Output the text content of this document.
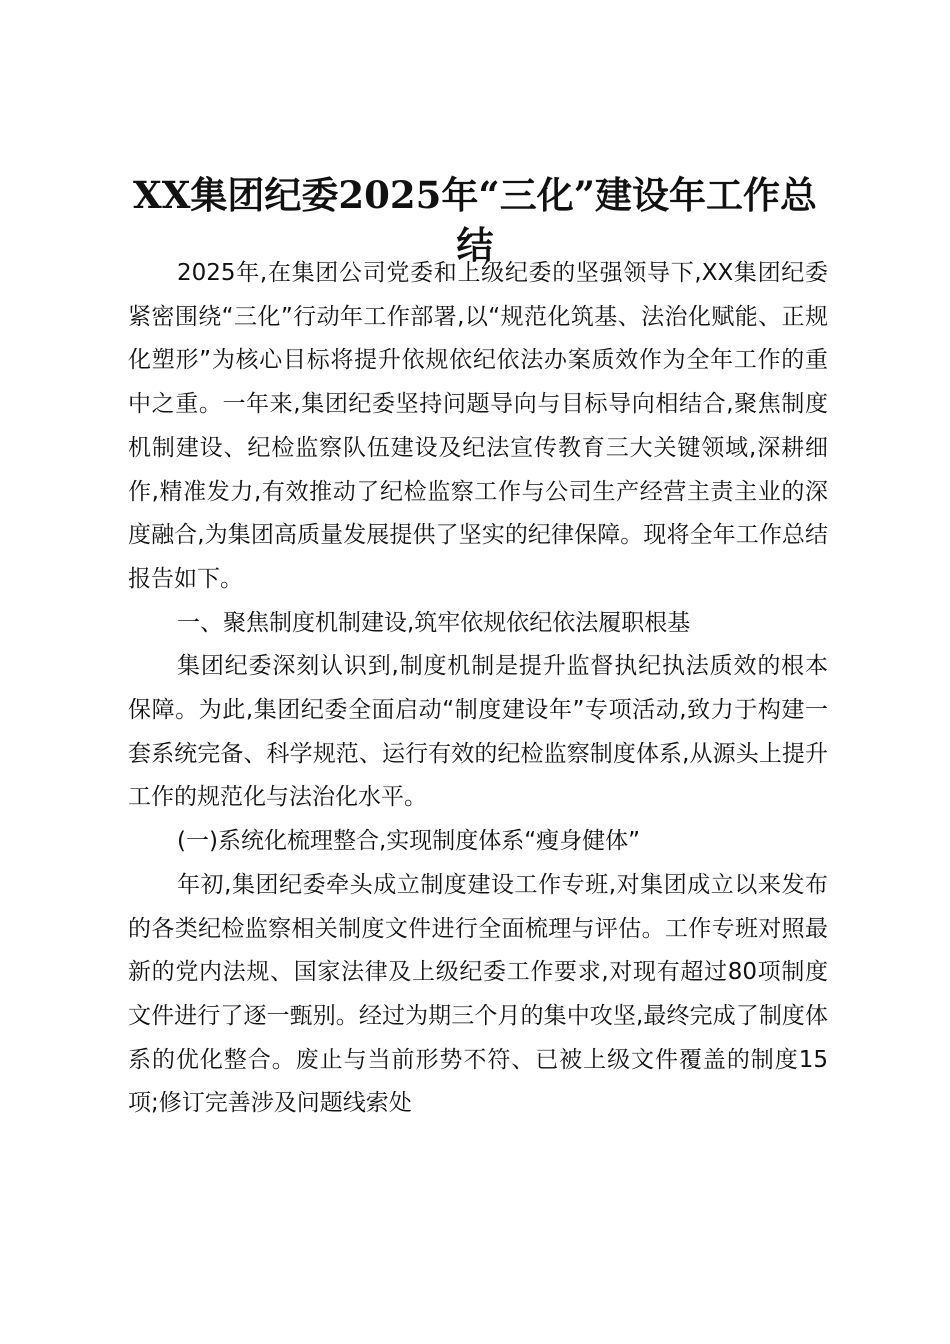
XX集团纪委2025年“三化”建设年工作总结

2025年,在集团公司党委和上级纪委的坚强领导下,XX集团纪委紧密围绕“三化”行动年工作部署,以“规范化筑基、法治化赋能、正规化塑形”为核心目标将提升依规依纪依法办案质效作为全年工作的重中之重。一年来,集团纪委坚持问题导向与目标导向相结合,聚焦制度机制建设、纪检监察队伍建设及纪法宣传教育三大关键领域,深耕细作,精准发力,有效推动了纪检监察工作与公司生产经营主责主业的深度融合,为集团高质量发展提供了坚实的纪律保障。现将全年工作总结报告如下。

一、聚焦制度机制建设,筑牢依规依纪依法履职根基

集团纪委深刻认识到,制度机制是提升监督执纪执法质效的根本保障。为此,集团纪委全面启动“制度建设年”专项活动,致力于构建一套系统完备、科学规范、运行有效的纪检监察制度体系,从源头上提升工作的规范化与法治化水平。

(一)系统化梳理整合,实现制度体系“瘦身健体”

年初,集团纪委牵头成立制度建设工作专班,对集团成立以来发布的各类纪检监察相关制度文件进行全面梳理与评估。工作专班对照最新的党内法规、国家法律及上级纪委工作要求,对现有超过80项制度文件进行了逐一甄别。经过为期三个月的集中攻坚,最终完成了制度体系的优化整合。废止与当前形势不符、已被上级文件覆盖的制度15项;修订完善涉及问题线索处
